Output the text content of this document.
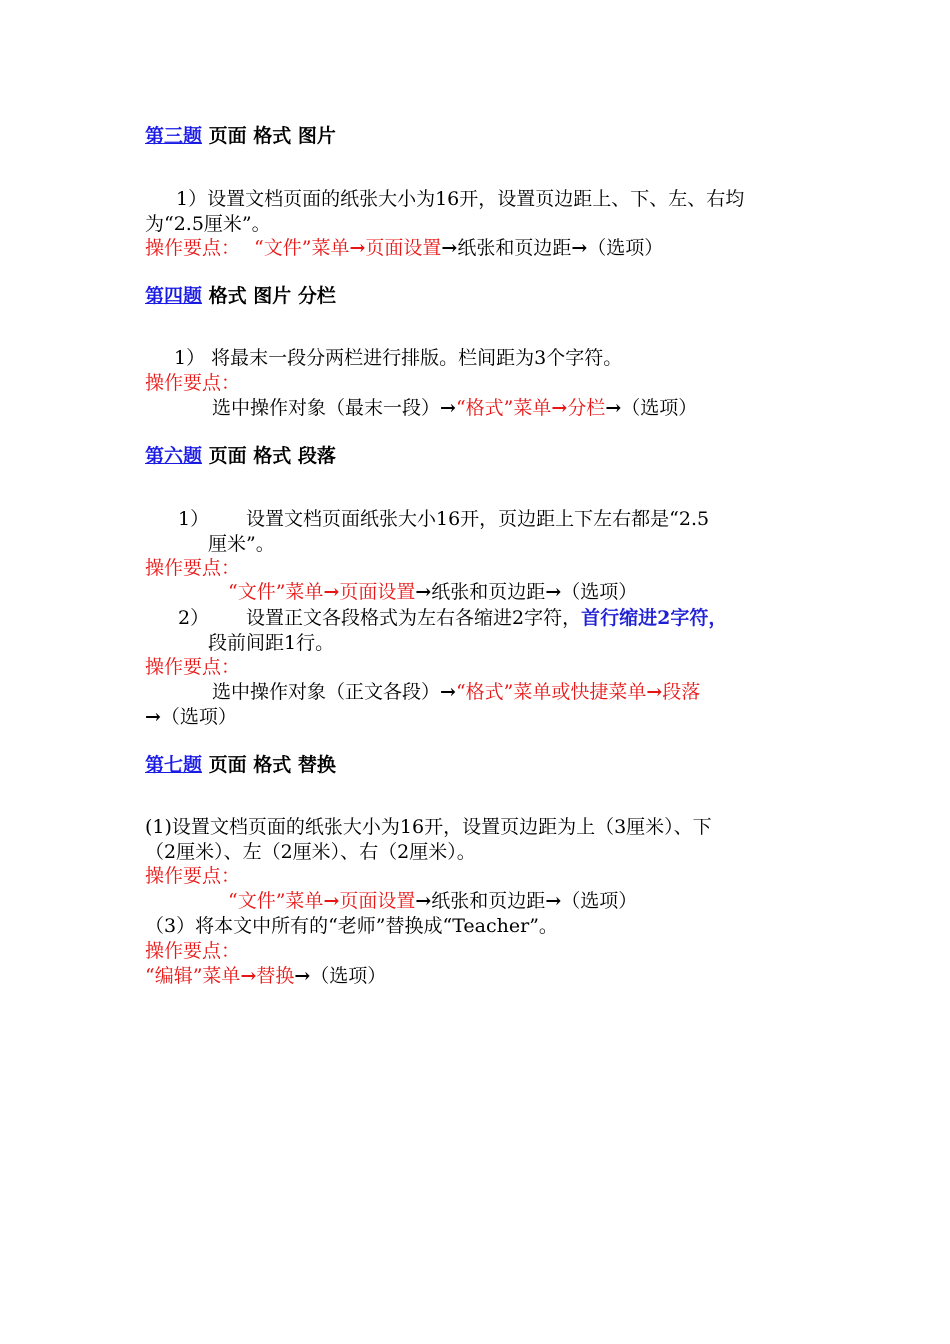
第三题 页面 格式 图片
1）设置文档页面的纸张大小为16开，设置页边距上、下、左、右均
为“2.5厘米”。
操作要点： “文件”菜单→页面设置→纸张和页边距→（选项）
第四题 格式 图片 分栏
1） 将最末一段分两栏进行排版。栏间距为3个字符。
操作要点：
选中操作对象（最末一段）→“格式”菜单→分栏→（选项）
第六题 页面 格式 段落
1） 设置文档页面纸张大小16开，页边距上下左右都是“2.5
厘米”。
操作要点：
“文件”菜单→页面设置→纸张和页边距→（选项）
2） 设置正文各段格式为左右各缩进2字符，首行缩进2字符，
段前间距1行。
操作要点：
选中操作对象（正文各段）→“格式”菜单或快捷菜单→段落
→（选项）
第七题 页面 格式 替换
(1)设置文档页面的纸张大小为16开，设置页边距为上（3厘米）、下
（2厘米）、左（2厘米）、右（2厘米）。
操作要点：
“文件”菜单→页面设置→纸张和页边距→（选项）
（3）将本文中所有的“老师”替换成“Teacher”。
操作要点：
“编辑”菜单→替换→（选项）
